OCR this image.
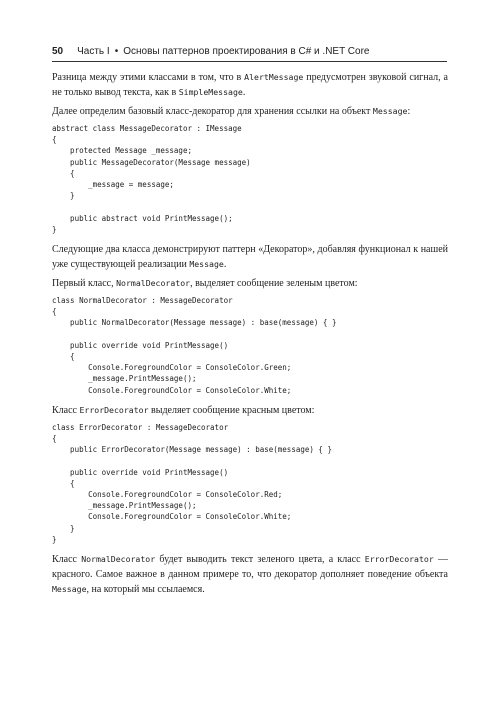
50 Часть I • Основы паттернов проектирования в C# и .NET Core

Разница между этими классами в том, что в AlertMessage предусмотрен звуковой сигнал, а не только вывод текста, как в SimpleMessage.

Далее определим базовый класс-декоратор для хранения ссылки на объект Message:

abstract class MessageDecorator : IMessage
{
protected Message _message;
public MessageDecorator(Message message)
{
_message = message;
}

public abstract void PrintMessage();
}

Следующие два класса демонстрируют паттерн «Декоратор», добавляя функционал к нашей уже существующей реализации Message.

Первый класс, NormalDecorator, выделяет сообщение зеленым цветом:

class NormalDecorator : MessageDecorator
{
public NormalDecorator(Message message) : base(message) { }

public override void PrintMessage()
{
Console.ForegroundColor = ConsoleColor.Green;
_message.PrintMessage();
Console.ForegroundColor = ConsoleColor.White;

Класс ErrorDecorator выделяет сообщение красным цветом:

class ErrorDecorator : MessageDecorator
{
public ErrorDecorator(Message message) : base(message) { }

public override void PrintMessage()
{
Console.ForegroundColor = ConsoleColor.Red;
_message.PrintMessage();
Console.ForegroundColor = ConsoleColor.White;
}
}

Класс NormalDecorator будет выводить текст зеленого цвета, а класс ErrorDecorator — красного. Самое важное в данном примере то, что декоратор дополняет поведение объекта Message, на который мы ссылаемся.
